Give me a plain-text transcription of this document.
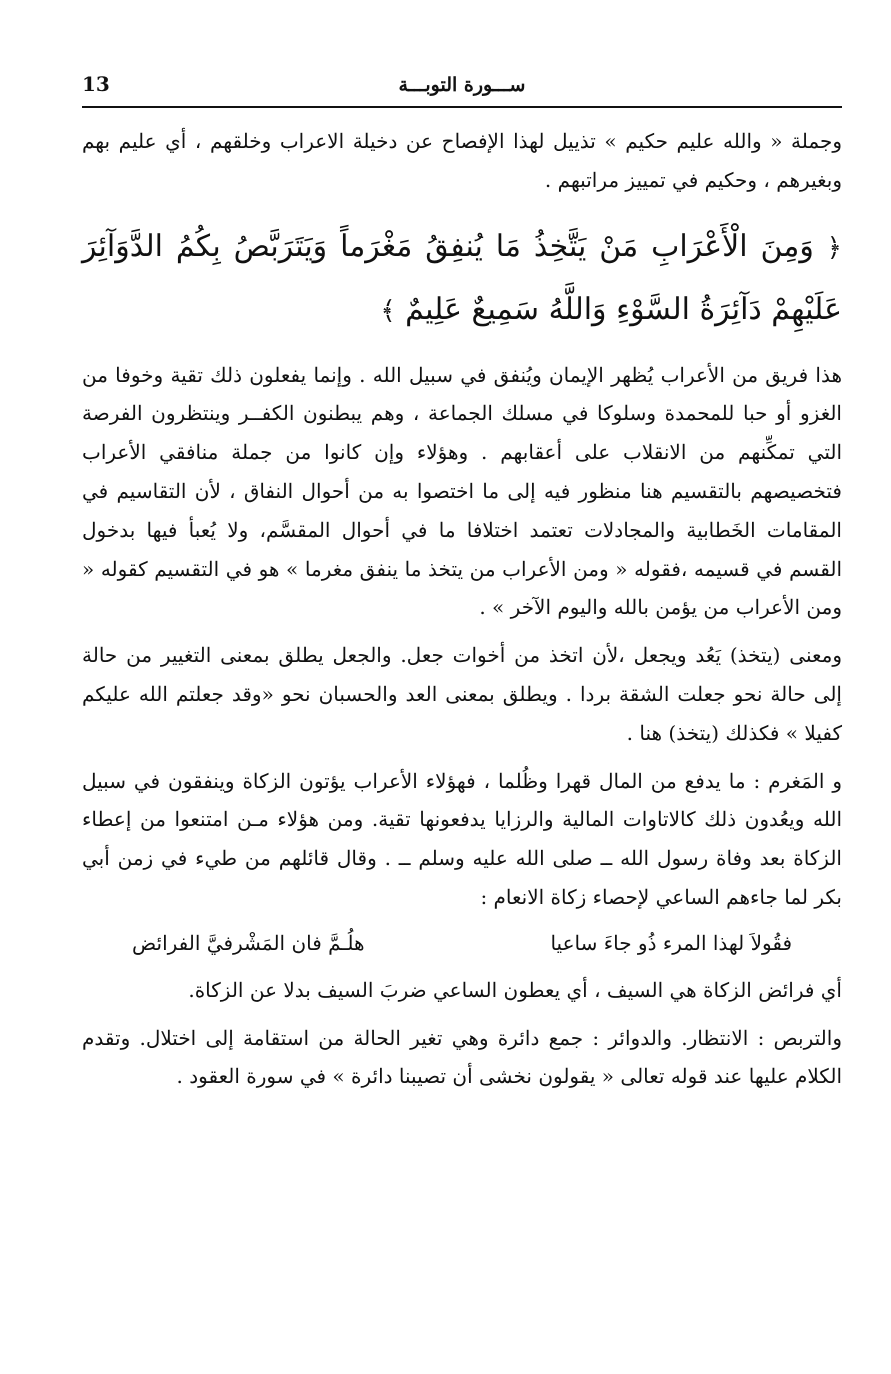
13	ســـورة التوبـــة

وجملة « والله عليم حكيم » تذييل لهذا الإفصاح عن دخيلة الاعراب وخلقهم ، أي عليم بهم وبغيرهم ، وحكيم في تمييز مراتبهم .

﴿ وَمِنَ الْأَعْرَابِ مَنْ يَتَّخِذُ مَا يُنفِقُ مَغْرَماً وَيَتَرَبَّصُ بِكُمُ الدَّوَآئِرَ عَلَيْهِمْ دَآئِرَةُ السَّوْءِ وَاللَّهُ سَمِيعٌ عَلِيمٌ ﴾

هذا فريق من الأعراب يُظهر الإيمان ويُنفق في سبيل الله . وإنما يفعلون ذلك تقية وخوفا من الغزو أو حبا للمحمدة وسلوكا في مسلك الجماعة ، وهم يبطنون الكفــر وينتظرون الفرصة التي تمكِّنهم من الانقلاب على أعقابهم . وهؤلاء وإن كانوا من جملة منافقي الأعراب فتخصيصهم بالتقسيم هنا منظور فيه إلى ما اختصوا به من أحوال النفاق ، لأن التقاسيم في المقامات الخَطابية والمجادلات تعتمد اختلافا ما في أحوال المقسَّم، ولا يُعبأ فيها بدخول القسم في قسيمه ،فقوله « ومن الأعراب من يتخذ ما ينفق مغرما » هو في التقسيم كقوله « ومن الأعراب من يؤمن بالله واليوم الآخر » .

ومعنى (يتخذ) يَعُد ويجعل ،لأن اتخذ من أخوات جعل. والجعل يطلق بمعنى التغيير من حالة إلى حالة نحو جعلت الشقة بردا . ويطلق بمعنى العد والحسبان نحو «وقد جعلتم الله عليكم كفيلا » فكذلك (يتخذ) هنا .

و المَغرم : ما يدفع من المال قهرا وظُلما ، فهؤلاء الأعراب يؤتون الزكاة وينفقون في سبيل الله ويعُدون ذلك كالاتاوات المالية والرزايا يدفعونها تقية. ومن هؤلاء مـن امتنعوا من إعطاء الزكاة بعد وفاة رسول الله ــ صلى الله عليه وسلم ــ . وقال قائلهم من طيء في زمن أبي بكر لما جاءهم الساعي لإحصاء زكاة الانعام :

فقُولاَ لهذا المرء ذُو جاءَ ساعيا
هلُـمَّ فان المَشْرفيَّ الفرائض

أي فرائض الزكاة هي السيف ، أي يعطون الساعي ضربَ السيف بدلا عن الزكاة.

والتربص : الانتظار. والدوائر : جمع دائرة وهي تغير الحالة من استقامة إلى اختلال. وتقدم الكلام عليها عند قوله تعالى « يقولون نخشى أن تصيبنا دائرة » في سورة العقود .
